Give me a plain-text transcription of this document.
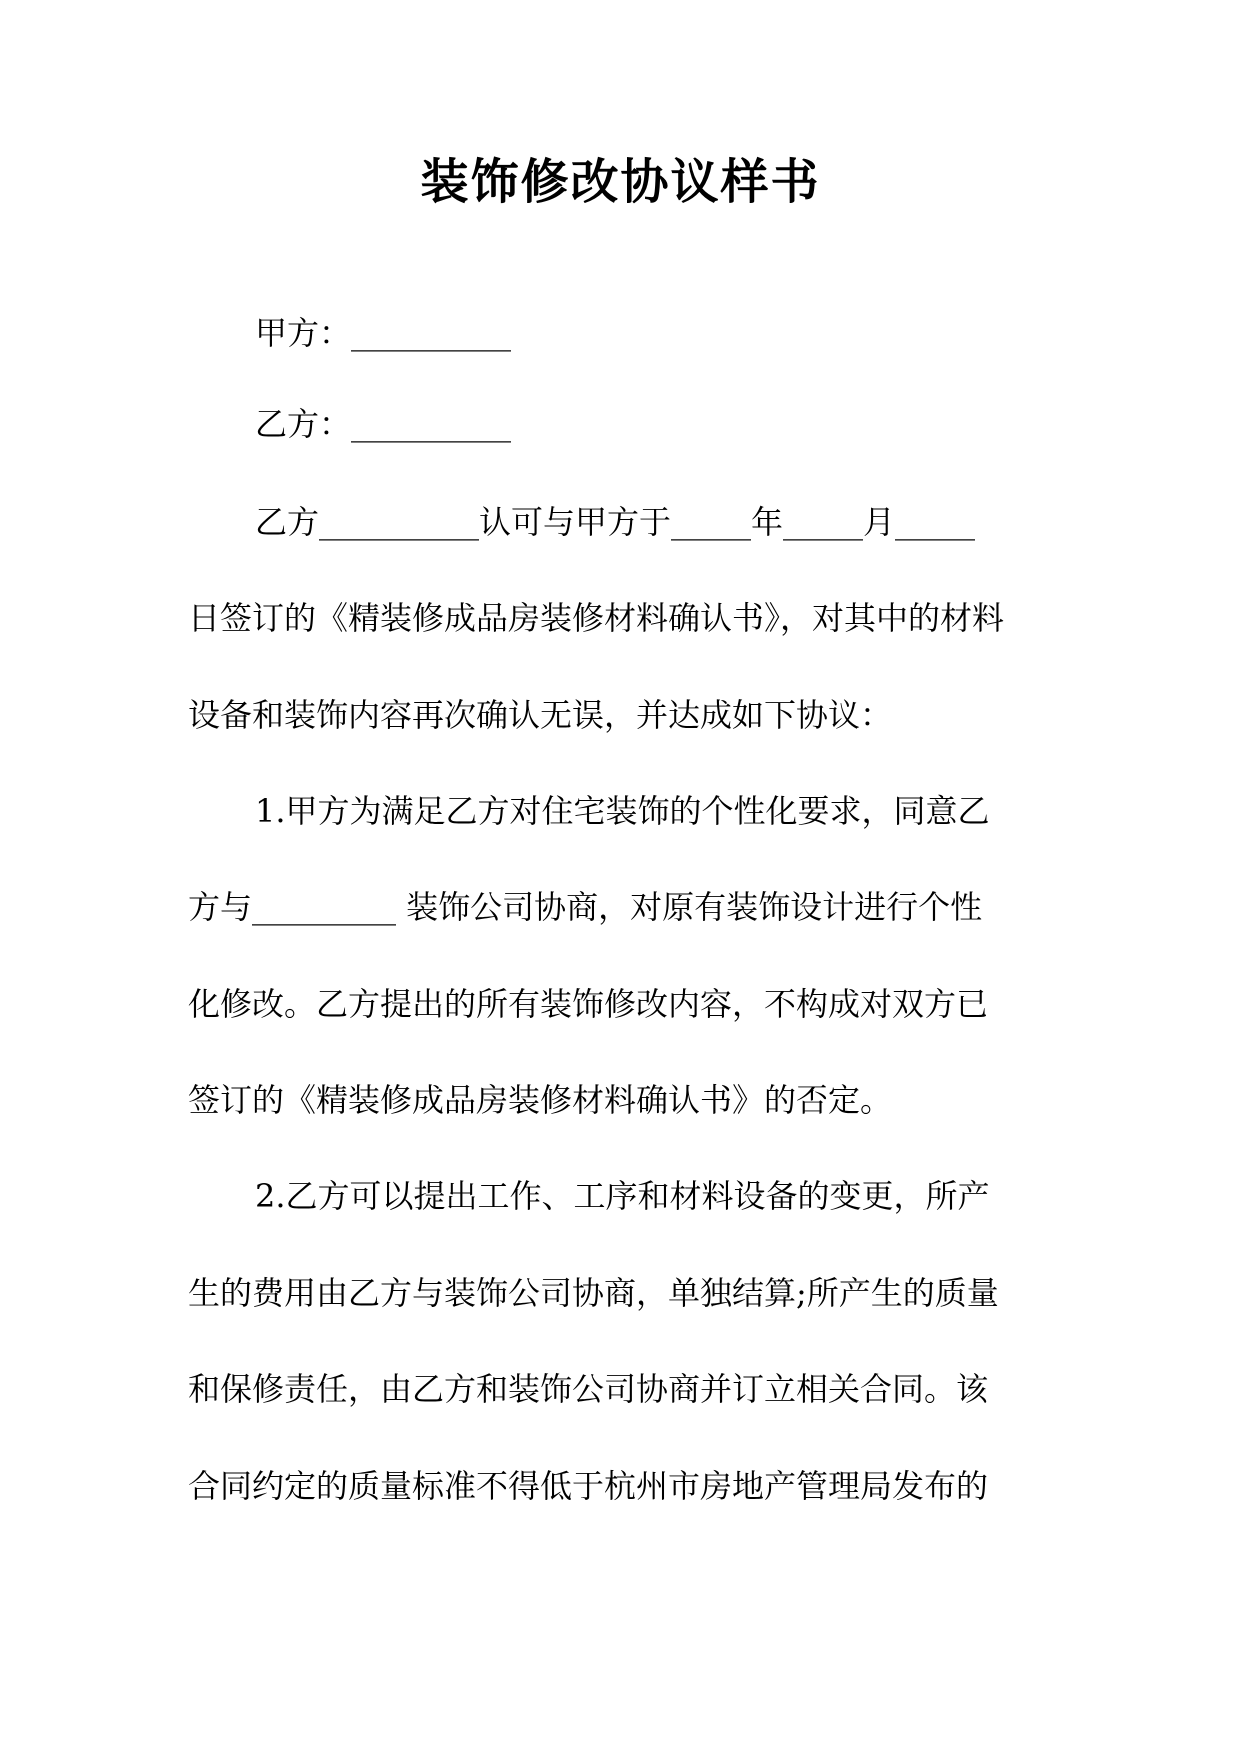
装饰修改协议样书
甲方：__________
乙方：__________
乙方__________认可与甲方于_____年_____月_____
日签订的《精装修成品房装修材料确认书》，对其中的材料
设备和装饰内容再次确认无误，并达成如下协议：
1.甲方为满足乙方对住宅装饰的个性化要求，同意乙
方与_________ 装饰公司协商，对原有装饰设计进行个性
化修改。乙方提出的所有装饰修改内容，不构成对双方已
签订的《精装修成品房装修材料确认书》的否定。
2.乙方可以提出工作、工序和材料设备的变更，所产
生的费用由乙方与装饰公司协商，单独结算;所产生的质量
和保修责任，由乙方和装饰公司协商并订立相关合同。该
合同约定的质量标准不得低于杭州市房地产管理局发布的
